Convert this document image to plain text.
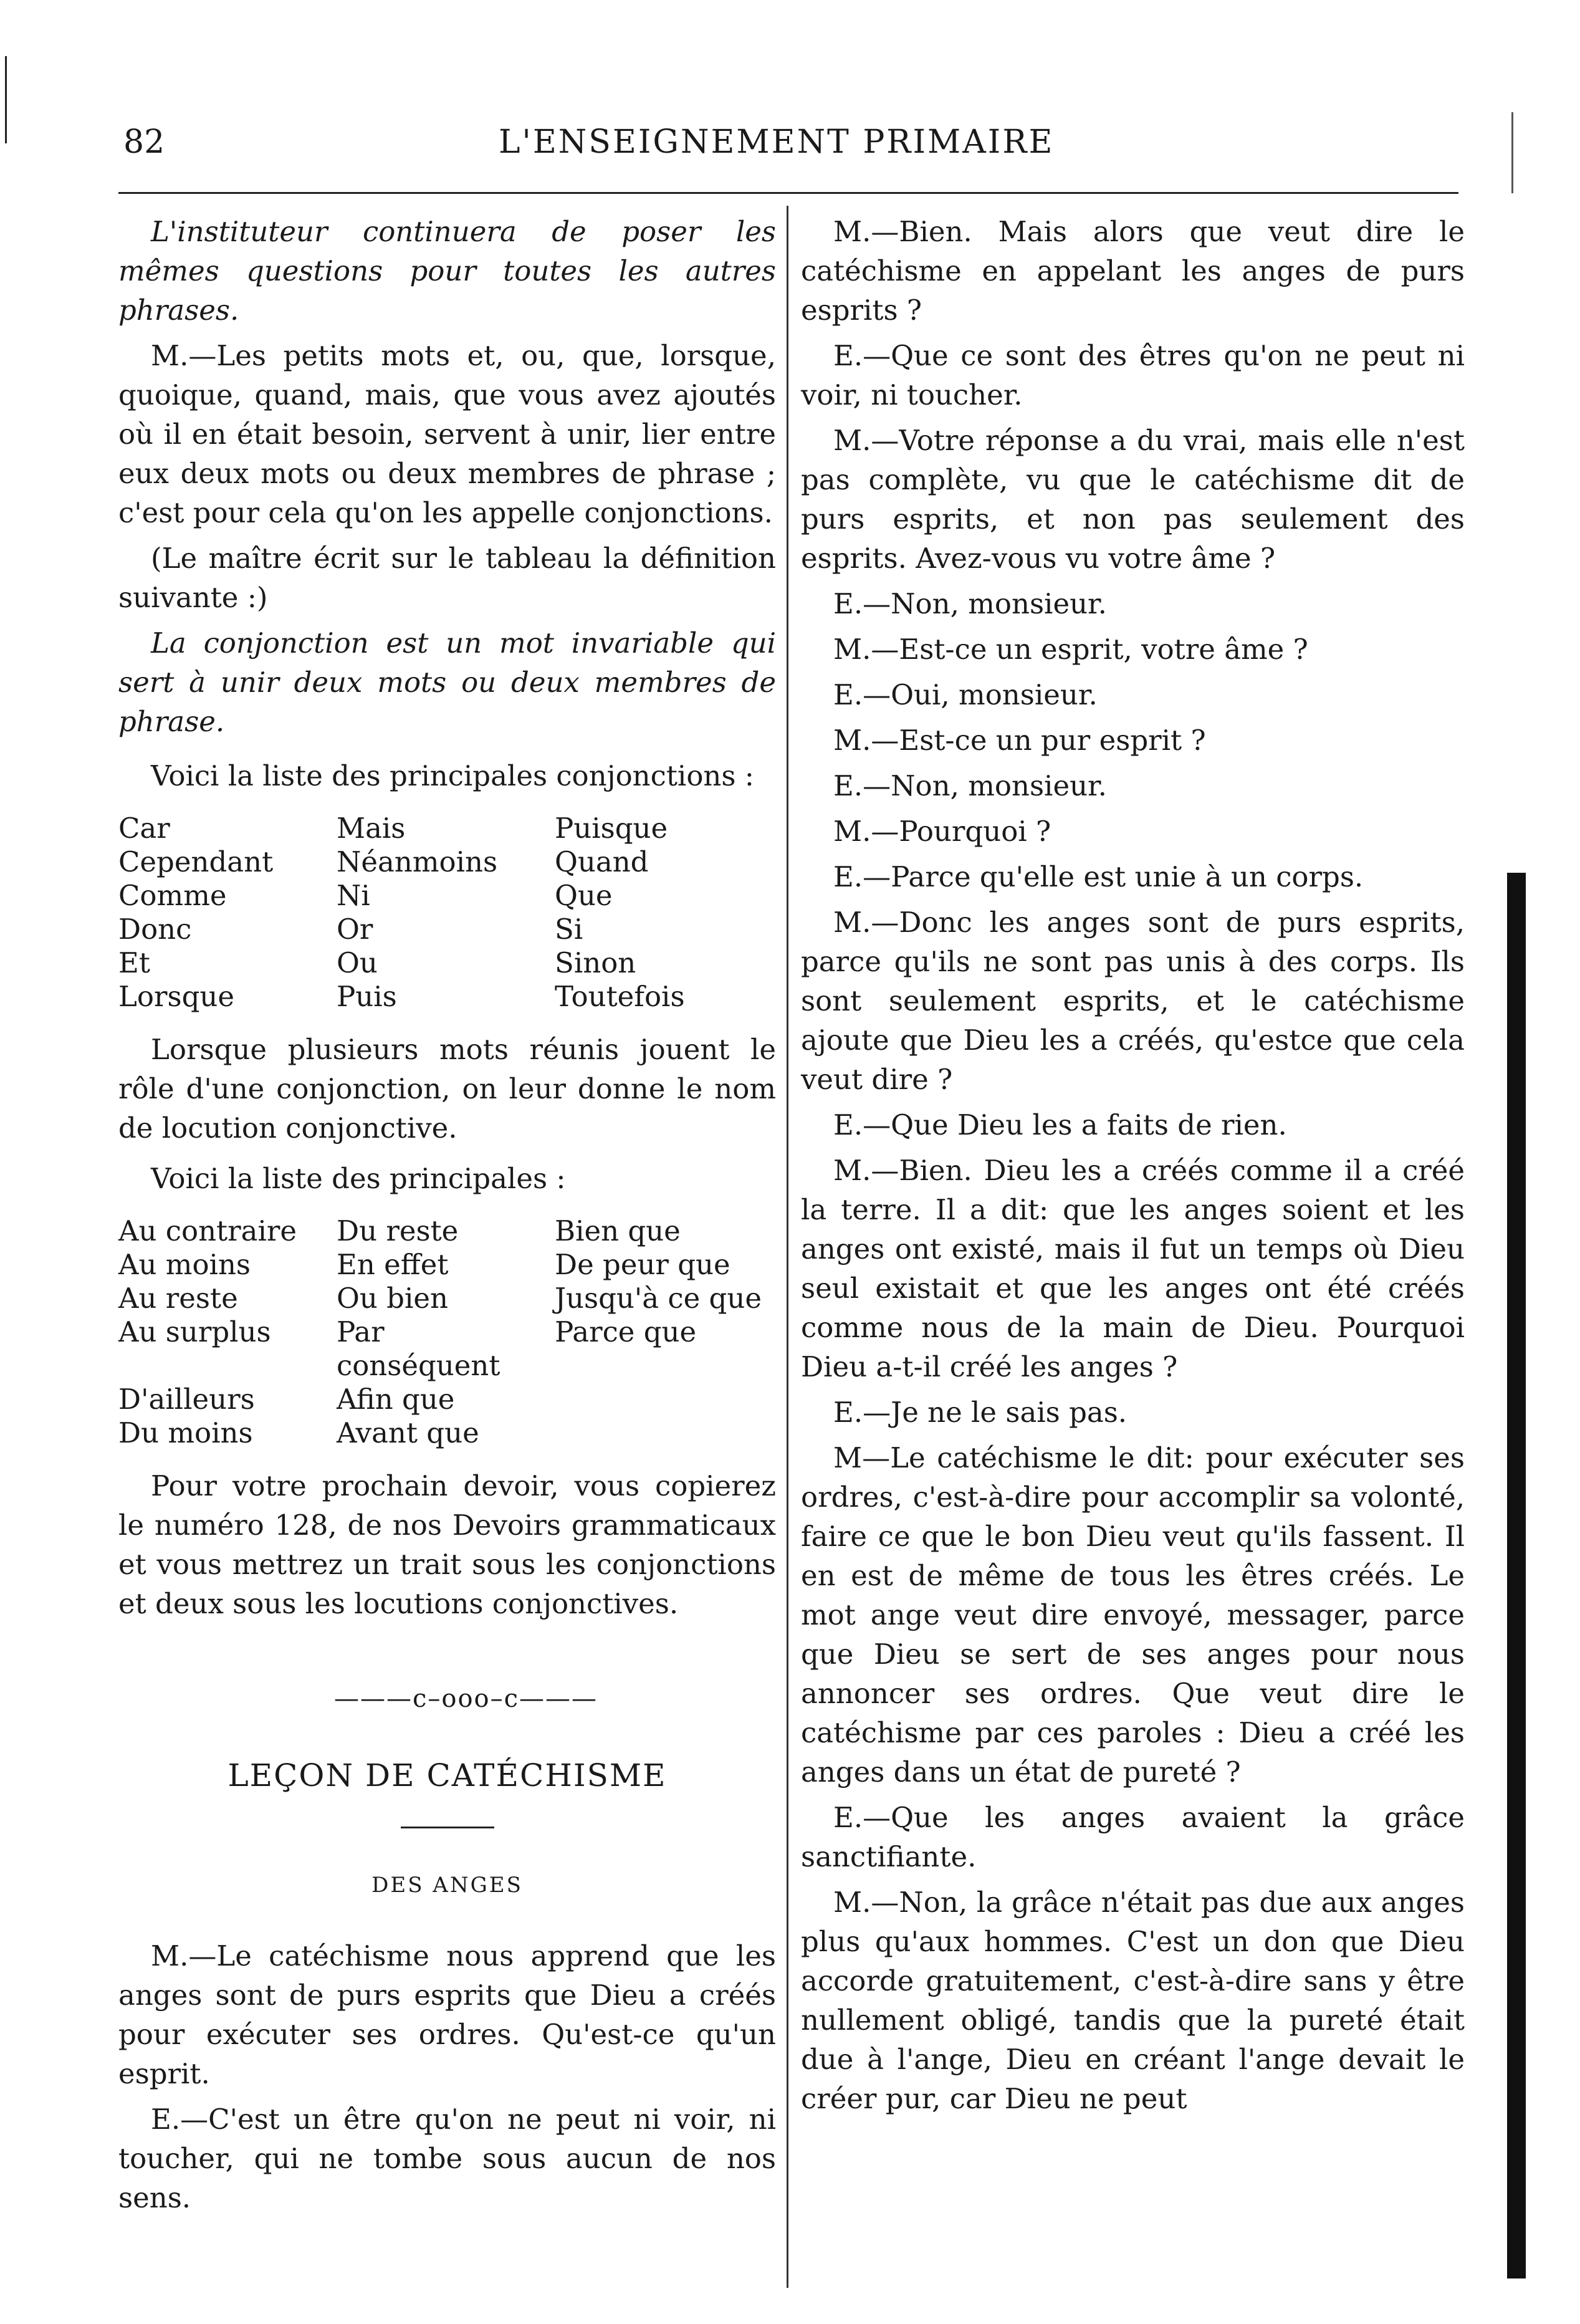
82	L'ENSEIGNEMENT PRIMAIRE

L'instituteur continuera de poser les mêmes questions pour toutes les autres phrases.

M.—Les petits mots et, ou, que, lorsque, quoique, quand, mais, que vous avez ajoutés où il en était besoin, servent à unir, lier entre eux deux mots ou deux membres de phrase ; c'est pour cela qu'on les appelle conjonctions.

(Le maître écrit sur le tableau la définition suivante :)

La conjonction est un mot invariable qui sert à unir deux mots ou deux membres de phrase.

Voici la liste des principales conjonctions :

Car	Mais	Puisque
Cependant	Néanmoins	Quand
Comme	Ni	Que
Donc	Or	Si
Et	Ou	Sinon
Lorsque	Puis	Toutefois

Lorsque plusieurs mots réunis jouent le rôle d'une conjonction, on leur donne le nom de locution conjonctive.

Voici la liste des principales :

Au contraire	Du reste	Bien que
Au moins	En effet	De peur que
Au reste	Ou bien	Jusqu'à ce que
Au surplus	Par conséquent	Parce que
D'ailleurs	Afin que	
Du moins	Avant que	

Pour votre prochain devoir, vous copierez le numéro 128, de nos Devoirs grammaticaux et vous mettrez un trait sous les conjonctions et deux sous les locutions conjonctives.

———c–ooo–c———
LEÇON DE CATÉCHISME
DES ANGES

M.—Le catéchisme nous apprend que les anges sont de purs esprits que Dieu a créés pour exécuter ses ordres. Qu'est-ce qu'un esprit.

E.—C'est un être qu'on ne peut ni voir, ni toucher, qui ne tombe sous aucun de nos sens.

M.—Bien. Mais alors que veut dire le catéchisme en appelant les anges de purs esprits ?

E.—Que ce sont des êtres qu'on ne peut ni voir, ni toucher.

M.—Votre réponse a du vrai, mais elle n'est pas complète, vu que le catéchisme dit de purs esprits, et non pas seulement des esprits. Avez-vous vu votre âme ?

E.—Non, monsieur.

M.—Est-ce un esprit, votre âme ?

E.—Oui, monsieur.

M.—Est-ce un pur esprit ?

E.—Non, monsieur.

M.—Pourquoi ?

E.—Parce qu'elle est unie à un corps.

M.—Donc les anges sont de purs esprits, parce qu'ils ne sont pas unis à des corps. Ils sont seulement esprits, et le catéchisme ajoute que Dieu les a créés, qu'estce que cela veut dire ?

E.—Que Dieu les a faits de rien.

M.—Bien. Dieu les a créés comme il a créé la terre. Il a dit: que les anges soient et les anges ont existé, mais il fut un temps où Dieu seul existait et que les anges ont été créés comme nous de la main de Dieu. Pourquoi Dieu a-t-il créé les anges ?

E.—Je ne le sais pas.

M—Le catéchisme le dit: pour exécuter ses ordres, c'est-à-dire pour accomplir sa volonté, faire ce que le bon Dieu veut qu'ils fassent. Il en est de même de tous les êtres créés. Le mot ange veut dire envoyé, messager, parce que Dieu se sert de ses anges pour nous annoncer ses ordres. Que veut dire le catéchisme par ces paroles : Dieu a créé les anges dans un état de pureté ?

E.—Que les anges avaient la grâce sanctifiante.

M.—Non, la grâce n'était pas due aux anges plus qu'aux hommes. C'est un don que Dieu accorde gratuitement, c'est-à-dire sans y être nullement obligé, tandis que la pureté était due à l'ange, Dieu en créant l'ange devait le créer pur, car Dieu ne peut
